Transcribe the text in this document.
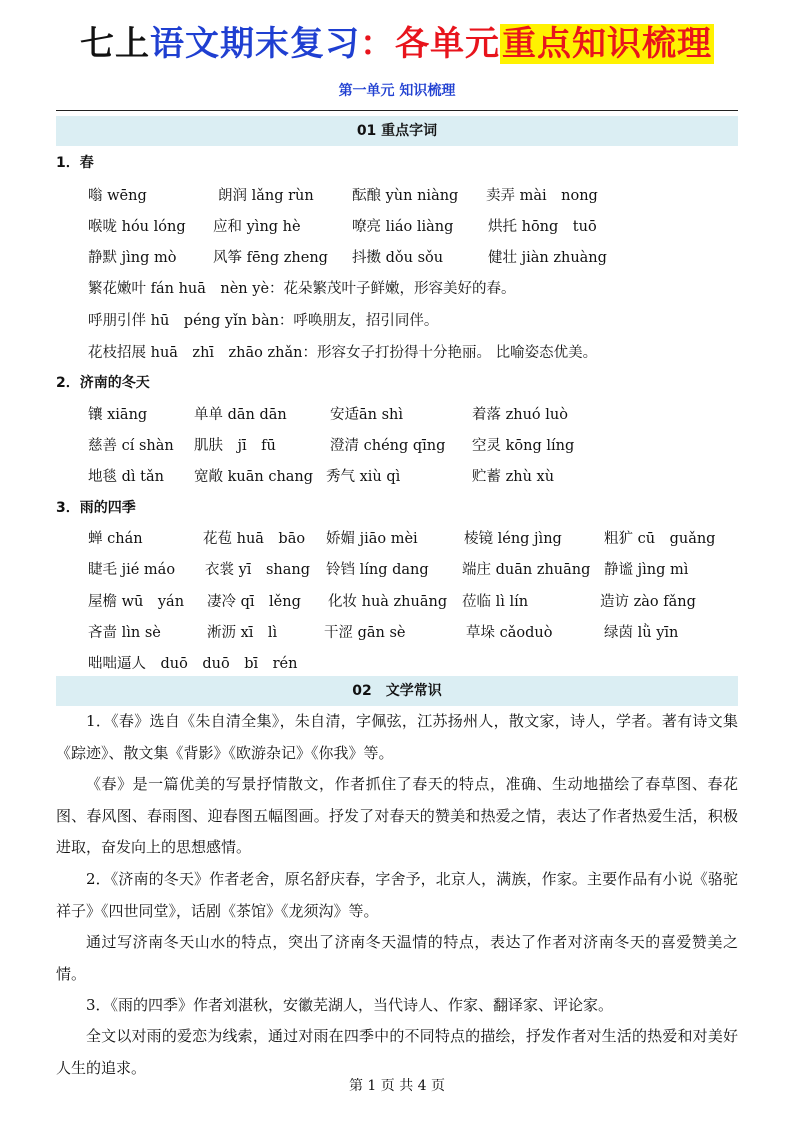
七上语文期末复习：各单元重点知识梳理
第一单元 知识梳理
01 重点字词
1．春
嗡 wēng	朗润 lǎng rùn	酝酿 yùn niàng 卖弄 mài　nong
喉咙 hóu lóng 应和 yìng hè	嘹亮 liáo liàng 烘托 hōng　tuō
静默 jìng mò	风筝 fēng zheng 抖擞 dǒu sǒu	健壮 jiàn zhuàng
繁花嫩叶 fán huā　nèn yè：花朵繁茂叶子鲜嫩，形容美好的春。
呼朋引伴 hū　péng yǐn bàn：呼唤朋友，招引同伴。
花枝招展 huā　zhī　zhāo zhǎn：形容女子打扮得十分艳丽。 比喻姿态优美。
2．济南的冬天
镶 xiāng	单单 dān dān	安适ān shì	着落 zhuó luò
慈善 cí shàn 肌肤　jī　fū	澄清 chéng qīng 空灵 kōng líng
地毯 dì tǎn 宽敞 kuān chang 秀气 xiù qì	贮蓄 zhù xù
3．雨的四季
蝉 chán	花苞 huā　bāo 娇媚 jiāo mèi	棱镜 léng jìng	粗犷 cū　guǎng
睫毛 jié máo 衣裳 yī　shang 铃铛 líng dang 端庄 duān zhuāng 静谧 jìng mì
屋檐 wū　yán 凄冷 qī　lěng 化妆 huà zhuāng 莅临 lì lín	造访 zào fǎng
吝啬 lìn sè	淅沥 xī　lì	干涩 gān sè	草垛 cǎoduò	绿茵 lǜ yīn
咄咄逼人　duō　duō　bī　rén
02　文学常识
1．《春》选自《朱自清全集》，朱自清，字佩弦，江苏扬州人，散文家，诗人，学者。著有诗文集《踪迹》、散文集《背影》《欧游杂记》《你我》等。
《春》是一篇优美的写景抒情散文，作者抓住了春天的特点，准确、生动地描绘了春草图、春花图、春风图、春雨图、迎春图五幅图画。抒发了对春天的赞美和热爱之情，表达了作者热爱生活，积极进取，奋发向上的思想感情。
2．《济南的冬天》作者老舍，原名舒庆春，字舍予，北京人，满族，作家。主要作品有小说《骆驼祥子》《四世同堂》，话剧《茶馆》《龙须沟》等。
通过写济南冬天山水的特点，突出了济南冬天温情的特点，表达了作者对济南冬天的喜爱赞美之情。
3．《雨的四季》作者刘湛秋，安徽芜湖人，当代诗人、作家、翻译家、评论家。
全文以对雨的爱恋为线索，通过对雨在四季中的不同特点的描绘，抒发作者对生活的热爱和对美好人生的追求。
第 1 页 共 4 页
